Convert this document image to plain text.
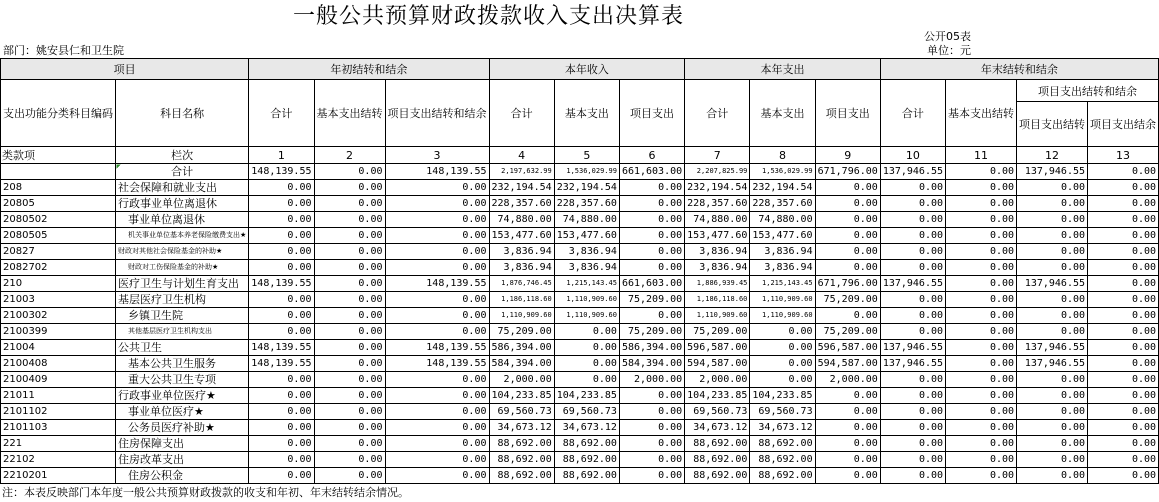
一般公共预算财政拨款收入支出决算表
公开05表
部门：姚安县仁和卫生院	单位：元
项目		年初结转和结余			本年收入			本年支出			年末结转和结余			
支出功能分类科目编码	科目名称	合计	基本支出结转	项目支出结转和结余	合计	基本支出	项目支出	合计	基本支出	项目支出	合计	基本支出结转	项目支出结转和结余	
													项目支出结转	项目支出结余
类款项	栏次	1	2	3	4	5	6	7	8	9	10	11	12	13
	合计	148,139.55	0.00	148,139.55	2,197,632.99	1,536,029.99	661,603.00	2,207,825.99	1,536,029.99	671,796.00	137,946.55	0.00	137,946.55	0.00
208	社会保障和就业支出	0.00	0.00	0.00	232,194.54	232,194.54	0.00	232,194.54	232,194.54	0.00	0.00	0.00	0.00	0.00
20805	行政事业单位离退休	0.00	0.00	0.00	228,357.60	228,357.60	0.00	228,357.60	228,357.60	0.00	0.00	0.00	0.00	0.00
2080502	事业单位离退休	0.00	0.00	0.00	74,880.00	74,880.00	0.00	74,880.00	74,880.00	0.00	0.00	0.00	0.00	0.00
2080505	机关事业单位基本养老保险缴费支出★	0.00	0.00	0.00	153,477.60	153,477.60	0.00	153,477.60	153,477.60	0.00	0.00	0.00	0.00	0.00
20827	财政对其他社会保险基金的补助★	0.00	0.00	0.00	3,836.94	3,836.94	0.00	3,836.94	3,836.94	0.00	0.00	0.00	0.00	0.00
2082702	财政对工伤保险基金的补助★	0.00	0.00	0.00	3,836.94	3,836.94	0.00	3,836.94	3,836.94	0.00	0.00	0.00	0.00	0.00
210	医疗卫生与计划生育支出	148,139.55	0.00	148,139.55	1,876,746.45	1,215,143.45	661,603.00	1,886,939.45	1,215,143.45	671,796.00	137,946.55	0.00	137,946.55	0.00
21003	基层医疗卫生机构	0.00	0.00	0.00	1,186,118.60	1,110,909.60	75,209.00	1,186,118.60	1,110,909.60	75,209.00	0.00	0.00	0.00	0.00
2100302	乡镇卫生院	0.00	0.00	0.00	1,110,909.60	1,110,909.60	0.00	1,110,909.60	1,110,909.60	0.00	0.00	0.00	0.00	0.00
2100399	其他基层医疗卫生机构支出	0.00	0.00	0.00	75,209.00	0.00	75,209.00	75,209.00	0.00	75,209.00	0.00	0.00	0.00	0.00
21004	公共卫生	148,139.55	0.00	148,139.55	586,394.00	0.00	586,394.00	596,587.00	0.00	596,587.00	137,946.55	0.00	137,946.55	0.00
2100408	基本公共卫生服务	148,139.55	0.00	148,139.55	584,394.00	0.00	584,394.00	594,587.00	0.00	594,587.00	137,946.55	0.00	137,946.55	0.00
2100409	重大公共卫生专项	0.00	0.00	0.00	2,000.00	0.00	2,000.00	2,000.00	0.00	2,000.00	0.00	0.00	0.00	0.00
21011	行政事业单位医疗★	0.00	0.00	0.00	104,233.85	104,233.85	0.00	104,233.85	104,233.85	0.00	0.00	0.00	0.00	0.00
2101102	事业单位医疗★	0.00	0.00	0.00	69,560.73	69,560.73	0.00	69,560.73	69,560.73	0.00	0.00	0.00	0.00	0.00
2101103	公务员医疗补助★	0.00	0.00	0.00	34,673.12	34,673.12	0.00	34,673.12	34,673.12	0.00	0.00	0.00	0.00	0.00
221	住房保障支出	0.00	0.00	0.00	88,692.00	88,692.00	0.00	88,692.00	88,692.00	0.00	0.00	0.00	0.00	0.00
22102	住房改革支出	0.00	0.00	0.00	88,692.00	88,692.00	0.00	88,692.00	88,692.00	0.00	0.00	0.00	0.00	0.00
2210201	住房公积金	0.00	0.00	0.00	88,692.00	88,692.00	0.00	88,692.00	88,692.00	0.00	0.00	0.00	0.00	0.00
注：本表反映部门本年度一般公共预算财政拨款的收支和年初、年末结转结余情况。
